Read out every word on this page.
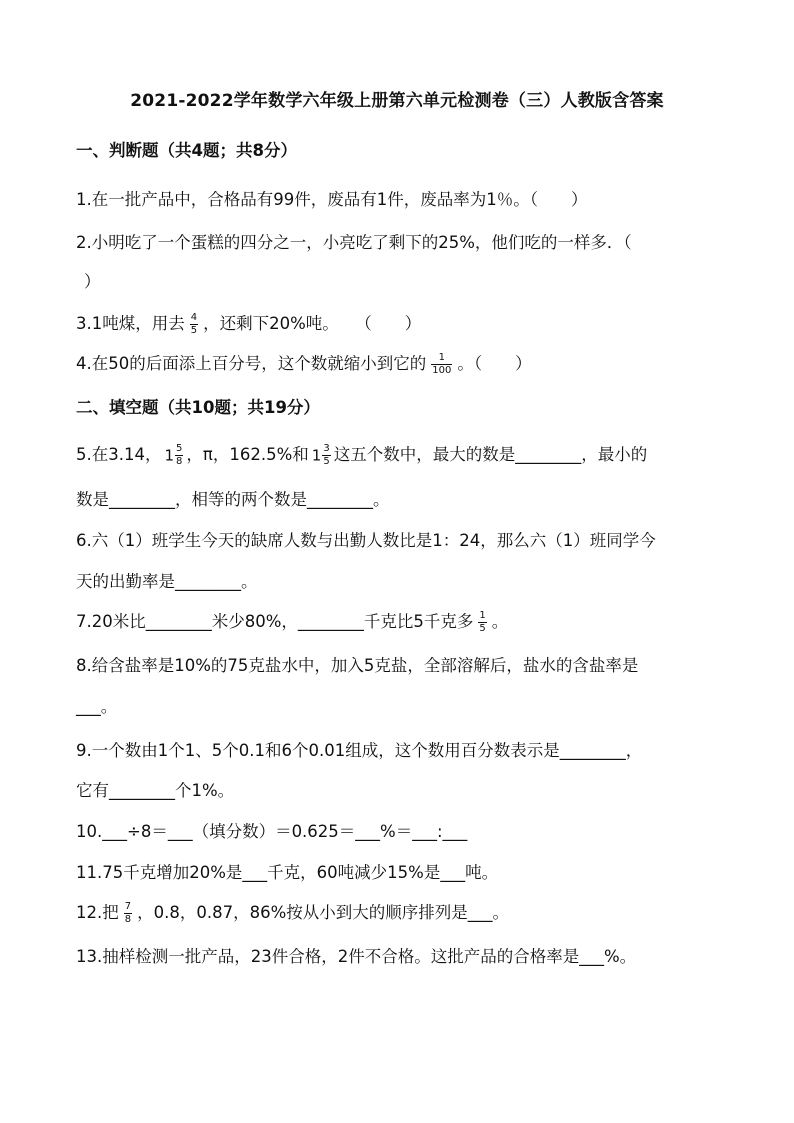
2021-2022学年数学六年级上册第六单元检测卷（三）人教版含答案
一、判断题（共4题；共8分）
1.在一批产品中，合格品有99件，废品有1件，废品率为1％。（　　）
2.小明吃了一个蛋糕的四分之一，小亮吃了剩下的25%，他们吃的一样多．（
）
3.1吨煤，用去 $\frac{4}{5}$ ，还剩下20%吨。　　（　　）
4.在50的后面添上百分号，这个数就缩小到它的 $\frac{1}{100}$ 。（　　）
二、填空题（共10题；共19分）
5.在3.14， $1 \frac{5}{8}$ ，π，162.5%和 $1 \frac{3}{5}$ 这五个数中，最大的数是________，最小的
数是________，相等的两个数是________。
6.六（1）班学生今天的缺席人数与出勤人数比是1：24，那么六（1）班同学今
天的出勤率是________。
7.20米比________米少80%，________千克比5千克多 $\frac{1}{5}$ 。
8.给含盐率是10%的75克盐水中，加入5克盐，全部溶解后，盐水的含盐率是
___。
9.一个数由1个1、5个0.1和6个0.01组成，这个数用百分数表示是________，
它有________个1%。
10.___÷8＝___（填分数）＝0.625＝___%＝___:___
11.75千克增加20%是___千克，60吨减少15%是___吨。
12.把 $\frac{7}{8}$ ，0.8，0.87，86%按从小到大的顺序排列是___。
13.抽样检测一批产品，23件合格，2件不合格。这批产品的合格率是___%。
